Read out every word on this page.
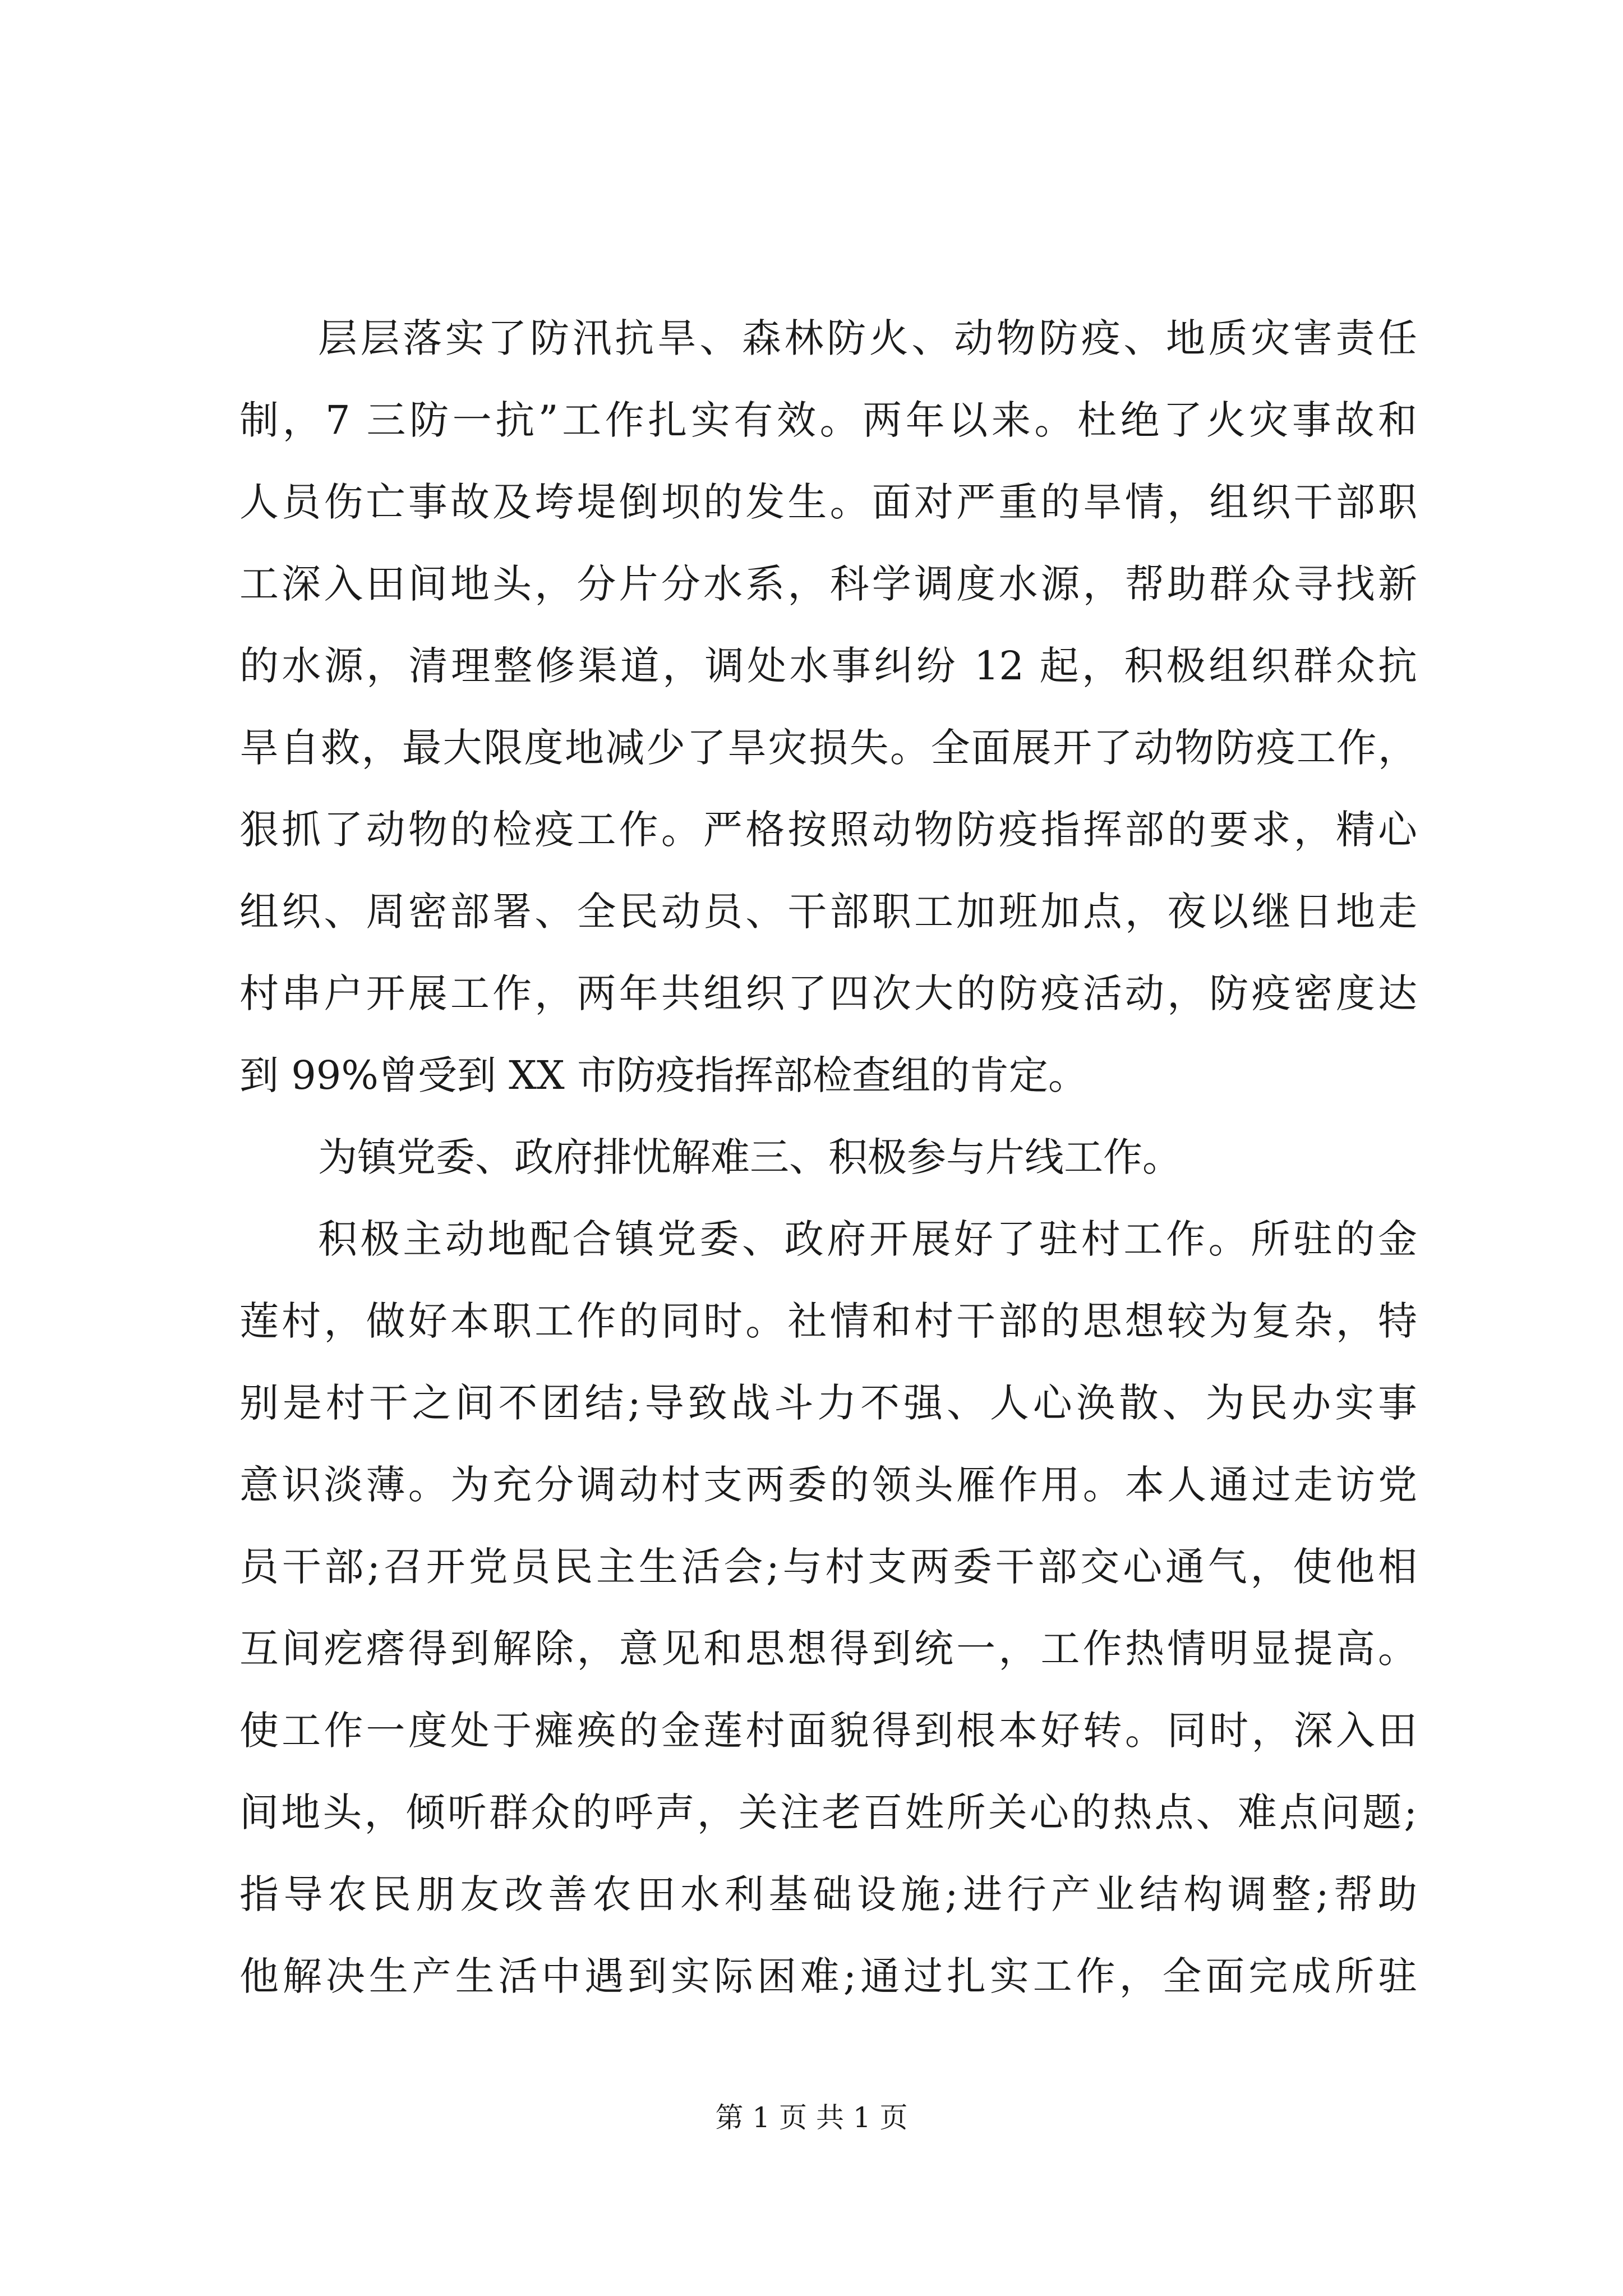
层层落实了防汛抗旱、森林防火、动物防疫、地质灾害责任
制，7 三防一抗”工作扎实有效。两年以来。杜绝了火灾事故和
人员伤亡事故及垮堤倒坝的发生。面对严重的旱情，组织干部职
工深入田间地头，分片分水系，科学调度水源，帮助群众寻找新
的水源，清理整修渠道，调处水事纠纷 12 起，积极组织群众抗
旱自救，最大限度地减少了旱灾损失。全面展开了动物防疫工作，
狠抓了动物的检疫工作。严格按照动物防疫指挥部的要求，精心
组织、周密部署、全民动员、干部职工加班加点，夜以继日地走
村串户开展工作，两年共组织了四次大的防疫活动，防疫密度达
到 99%曾受到 XX 市防疫指挥部检查组的肯定。
为镇党委、政府排忧解难三、积极参与片线工作。
积极主动地配合镇党委、政府开展好了驻村工作。所驻的金
莲村，做好本职工作的同时。社情和村干部的思想较为复杂，特
别是村干之间不团结;导致战斗力不强、人心涣散、为民办实事
意识淡薄。为充分调动村支两委的领头雁作用。本人通过走访党
员干部;召开党员民主生活会;与村支两委干部交心通气，使他相
互间疙瘩得到解除，意见和思想得到统一，工作热情明显提高。
使工作一度处于瘫痪的金莲村面貌得到根本好转。同时，深入田
间地头，倾听群众的呼声，关注老百姓所关心的热点、难点问题;
指导农民朋友改善农田水利基础设施;进行产业结构调整;帮助
他解决生产生活中遇到实际困难;通过扎实工作，全面完成所驻
第 1 页 共 1 页
